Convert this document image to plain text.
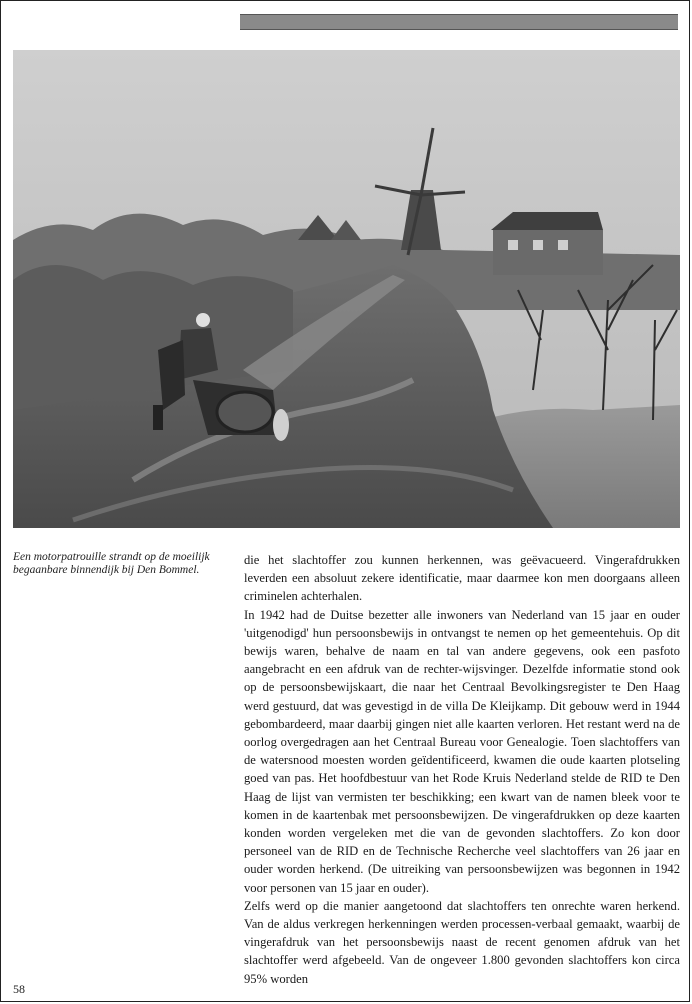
Een motorpatrouille strandt op de moeilijk begaanbare binnendijk bij Den Bommel.

die het slachtoffer zou kunnen herkennen, was geëvacueerd. Vingerafdrukken leverden een absoluut zekere identificatie, maar daarmee kon men doorgaans alleen criminelen achterhalen.

In 1942 had de Duitse bezetter alle inwoners van Nederland van 15 jaar en ouder 'uitgenodigd' hun persoonsbewijs in ontvangst te nemen op het gemeentehuis. Op dit bewijs waren, behalve de naam en tal van andere gegevens, ook een pasfoto aangebracht en een afdruk van de rechter-wijsvinger. Dezelfde informatie stond ook op de persoonsbewijskaart, die naar het Centraal Bevolkingsregister te Den Haag werd gestuurd, dat was gevestigd in de villa De Kleijkamp. Dit gebouw werd in 1944 gebombardeerd, maar daarbij gingen niet alle kaarten verloren. Het restant werd na de oorlog overgedragen aan het Centraal Bureau voor Genealogie. Toen slachtoffers van de watersnood moesten worden geïdentificeerd, kwamen die oude kaarten plotseling goed van pas. Het hoofdbestuur van het Rode Kruis Nederland stelde de RID te Den Haag de lijst van vermisten ter beschikking; een kwart van de namen bleek voor te komen in de kaartenbak met persoonsbewijzen. De vingerafdrukken op deze kaarten konden worden vergeleken met die van de gevonden slachtoffers. Zo kon door personeel van de RID en de Technische Recherche veel slachtoffers van 26 jaar en ouder worden herkend. (De uitreiking van persoonsbewijzen was begonnen in 1942 voor personen van 15 jaar en ouder).

Zelfs werd op die manier aangetoond dat slachtoffers ten onrechte waren herkend. Van de aldus verkregen herkenningen werden processen-verbaal gemaakt, waarbij de vingerafdruk van het persoonsbewijs naast de recent genomen afdruk van het slachtoffer werd afgebeeld. Van de ongeveer 1.800 gevonden slachtoffers kon circa 95% worden

58
